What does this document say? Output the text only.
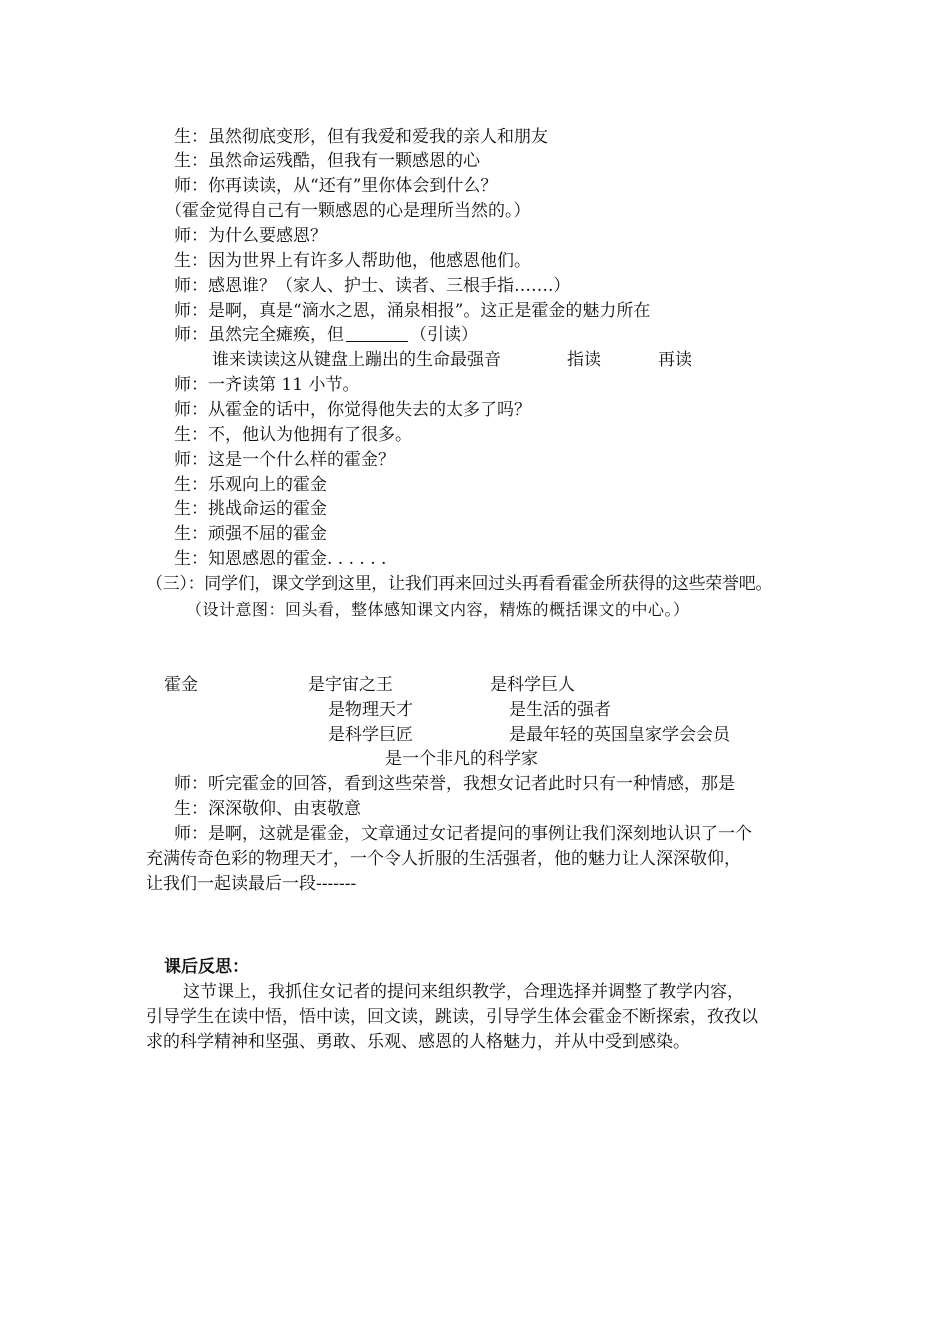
生：虽然彻底变形，但有我爱和爱我的亲人和朋友
生：虽然命运残酷，但我有一颗感恩的心
师：你再读读，从“还有”里你体会到什么？
（霍金觉得自己有一颗感恩的心是理所当然的。）
师：为什么要感恩？
生：因为世界上有许多人帮助他，他感恩他们。
师：感恩谁？（家人、护士、读者、三根手指…….）
师：是啊，真是“滴水之恩，涌泉相报”。这正是霍金的魅力所在
师：虽然完全瘫痪，但	（引读）
谁来读读这从键盘上蹦出的生命最强音	指读	再读
师：一齐读第 11 小节。
师：从霍金的话中，你觉得他失去的太多了吗？
生：不，他认为他拥有了很多。
师：这是一个什么样的霍金？
生：乐观向上的霍金
生：挑战命运的霍金
生：顽强不屈的霍金
生：知恩感恩的霍金. . . . . .
（三）：同学们，课文学到这里，让我们再来回过头再看看霍金所获得的这些荣誉吧。
（设计意图：回头看，整体感知课文内容，精炼的概括课文的中心。）
霍金	是宇宙之王	是科学巨人
是物理天才	是生活的强者
是科学巨匠	是最年轻的英国皇家学会会员
是一个非凡的科学家
师：听完霍金的回答，看到这些荣誉，我想女记者此时只有一种情感，那是
生：深深敬仰、由衷敬意
师：是啊，这就是霍金，文章通过女记者提问的事例让我们深刻地认识了一个
充满传奇色彩的物理天才，一个令人折服的生活强者，他的魅力让人深深敬仰，
让我们一起读最后一段-------
课后反思：
这节课上，我抓住女记者的提问来组织教学，合理选择并调整了教学内容，
引导学生在读中悟，悟中读，回文读，跳读，引导学生体会霍金不断探索，孜孜以
求的科学精神和坚强、勇敢、乐观、感恩的人格魅力，并从中受到感染。
